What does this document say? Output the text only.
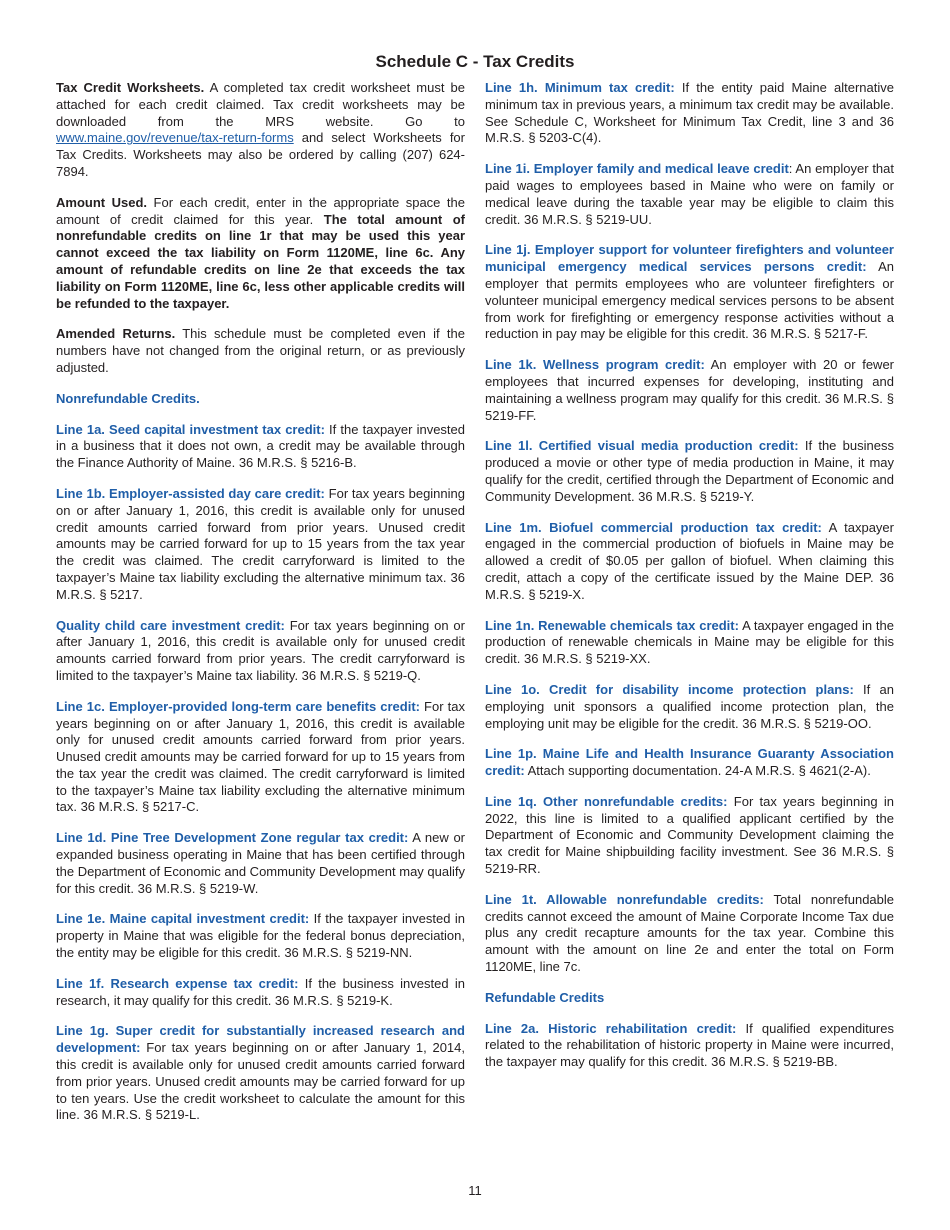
Schedule C - Tax Credits

Tax Credit Worksheets. A completed tax credit worksheet must be attached for each credit claimed. Tax credit worksheets may be downloaded from the MRS website. Go to www.maine.gov/revenue/tax-return-forms and select Worksheets for Tax Credits. Worksheets may also be ordered by calling (207) 624-7894.

Amount Used. For each credit, enter in the appropriate space the amount of credit claimed for this year. The total amount of nonrefundable credits on line 1r that may be used this year cannot exceed the tax liability on Form 1120ME, line 6c. Any amount of refundable credits on line 2e that exceeds the tax liability on Form 1120ME, line 6c, less other applicable credits will be refunded to the taxpayer.

Amended Returns. This schedule must be completed even if the numbers have not changed from the original return, or as previously adjusted.

Nonrefundable Credits.

Line 1a. Seed capital investment tax credit: If the taxpayer invested in a business that it does not own, a credit may be available through the Finance Authority of Maine. 36 M.R.S. § 5216-B.

Line 1b. Employer-assisted day care credit: For tax years beginning on or after January 1, 2016, this credit is available only for unused credit amounts carried forward from prior years. Unused credit amounts may be carried forward for up to 15 years from the tax year the credit was claimed. The credit carryforward is limited to the taxpayer’s Maine tax liability excluding the alternative minimum tax. 36 M.R.S. § 5217.

Quality child care investment credit: For tax years beginning on or after January 1, 2016, this credit is available only for unused credit amounts carried forward from prior years. The credit carryforward is limited to the taxpayer’s Maine tax liability. 36 M.R.S. § 5219-Q.

Line 1c. Employer-provided long-term care benefits credit: For tax years beginning on or after January 1, 2016, this credit is available only for unused credit amounts carried forward from prior years. Unused credit amounts may be carried forward for up to 15 years from the tax year the credit was claimed. The credit carryforward is limited to the taxpayer’s Maine tax liability excluding the alternative minimum tax. 36 M.R.S. § 5217-C.

Line 1d. Pine Tree Development Zone regular tax credit: A new or expanded business operating in Maine that has been certified through the Department of Economic and Community Development may qualify for this credit. 36 M.R.S. § 5219-W.

Line 1e. Maine capital investment credit: If the taxpayer invested in property in Maine that was eligible for the federal bonus depreciation, the entity may be eligible for this credit. 36 M.R.S. § 5219-NN.

Line 1f. Research expense tax credit: If the business invested in research, it may qualify for this credit. 36 M.R.S. § 5219-K.

Line 1g. Super credit for substantially increased research and development: For tax years beginning on or after January 1, 2014, this credit is available only for unused credit amounts carried forward from prior years. Unused credit amounts may be carried forward for up to ten years. Use the credit worksheet to calculate the amount for this line. 36 M.R.S. § 5219-L.

Line 1h. Minimum tax credit: If the entity paid Maine alternative minimum tax in previous years, a minimum tax credit may be available. See Schedule C, Worksheet for Minimum Tax Credit, line 3 and 36 M.R.S. § 5203-C(4).

Line 1i. Employer family and medical leave credit: An employer that paid wages to employees based in Maine who were on family or medical leave during the taxable year may be eligible to claim this credit. 36 M.R.S. § 5219-UU.

Line 1j. Employer support for volunteer firefighters and volunteer municipal emergency medical services persons credit: An employer that permits employees who are volunteer firefighters or volunteer municipal emergency medical services persons to be absent from work for firefighting or emergency response activities without a reduction in pay may be eligible for this credit. 36 M.R.S. § 5217-F.

Line 1k. Wellness program credit: An employer with 20 or fewer employees that incurred expenses for developing, instituting and maintaining a wellness program may qualify for this credit. 36 M.R.S. § 5219-FF.

Line 1l. Certified visual media production credit: If the business produced a movie or other type of media production in Maine, it may qualify for the credit, certified through the Department of Economic and Community Development. 36 M.R.S. § 5219-Y.

Line 1m. Biofuel commercial production tax credit: A taxpayer engaged in the commercial production of biofuels in Maine may be allowed a credit of $0.05 per gallon of biofuel. When claiming this credit, attach a copy of the certificate issued by the Maine DEP. 36 M.R.S. § 5219-X.

Line 1n. Renewable chemicals tax credit: A taxpayer engaged in the production of renewable chemicals in Maine may be eligible for this credit. 36 M.R.S. § 5219-XX.

Line 1o. Credit for disability income protection plans: If an employing unit sponsors a qualified income protection plan, the employing unit may be eligible for the credit. 36 M.R.S. § 5219-OO.

Line 1p. Maine Life and Health Insurance Guaranty Association credit: Attach supporting documentation. 24-A M.R.S. § 4621(2-A).

Line 1q. Other nonrefundable credits: For tax years beginning in 2022, this line is limited to a qualified applicant certified by the Department of Economic and Community Development claiming the tax credit for Maine shipbuilding facility investment. See 36 M.R.S. § 5219-RR.

Line 1t. Allowable nonrefundable credits: Total nonrefundable credits cannot exceed the amount of Maine Corporate Income Tax due plus any credit recapture amounts for the tax year. Combine this amount with the amount on line 2e and enter the total on Form 1120ME, line 7c.

Refundable Credits

Line 2a. Historic rehabilitation credit: If qualified expenditures related to the rehabilitation of historic property in Maine were incurred, the taxpayer may qualify for this credit. 36 M.R.S. § 5219-BB.

11
